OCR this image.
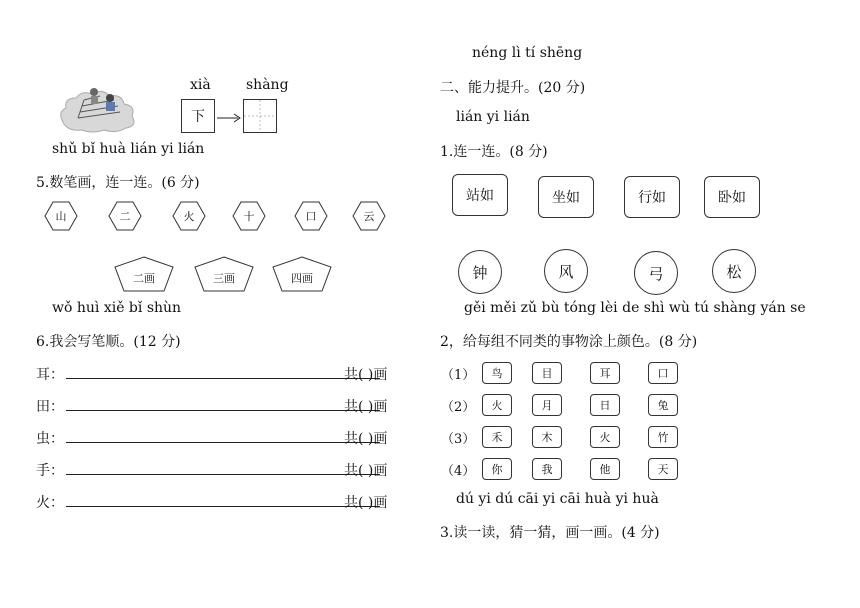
xià	shàng
下
shǔ bǐ huà lián yi lián
5.数笔画，连一连。(6 分)
山	二	火	十	口	云
二画	三画	四画
wǒ huì xiě bǐ shùn
6.我会写笔顺。(12 分)
耳：	共( )画
田：	共( )画
虫：	共( )画
手：	共( )画
火：	共( )画
néng lì tí shēng
二、能力提升。(20 分)
lián yi lián
1.连一连。(8 分)
站如	坐如	行如	卧如
钟	风	弓	松
gěi měi zǔ bù tóng lèi de shì wù tú shàng yán se
2，给每组不同类的事物涂上颜色。(8 分)
（1） 鸟	目	耳	口
（2） 火	月	日	兔
（3） 禾	木	火	竹
（4） 你	我	他	天
dú yi dú cāi yi cāi huà yi huà
3.读一读，猜一猜，画一画。(4 分)
